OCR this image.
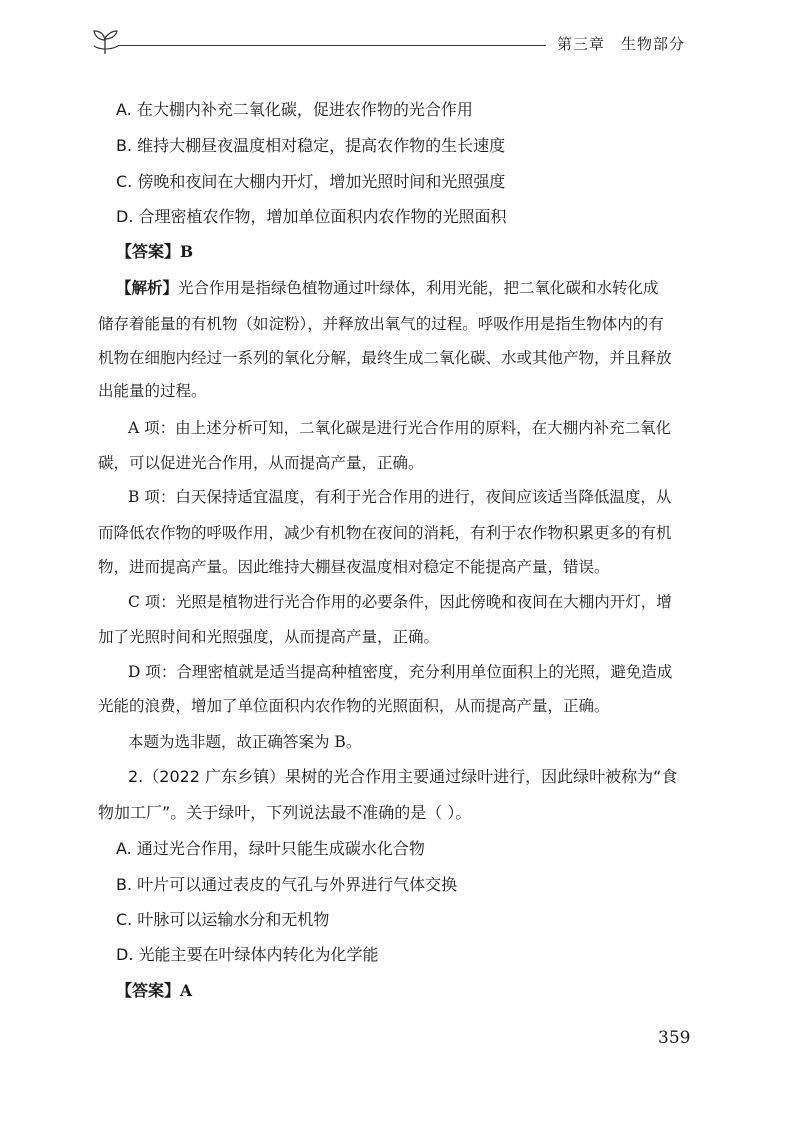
第三章 生物部分
A. 在大棚内补充二氧化碳，促进农作物的光合作用
B. 维持大棚昼夜温度相对稳定，提高农作物的生长速度
C. 傍晚和夜间在大棚内开灯，增加光照时间和光照强度
D. 合理密植农作物，增加单位面积内农作物的光照面积
【答案】B
【解析】光合作用是指绿色植物通过叶绿体，利用光能，把二氧化碳和水转化成
储存着能量的有机物（如淀粉），并释放出氧气的过程。呼吸作用是指生物体内的有
机物在细胞内经过一系列的氧化分解，最终生成二氧化碳、水或其他产物，并且释放
出能量的过程。
A 项：由上述分析可知，二氧化碳是进行光合作用的原料，在大棚内补充二氧化
碳，可以促进光合作用，从而提高产量，正确。
B 项：白天保持适宜温度，有利于光合作用的进行，夜间应该适当降低温度，从
而降低农作物的呼吸作用，减少有机物在夜间的消耗，有利于农作物积累更多的有机
物，进而提高产量。因此维持大棚昼夜温度相对稳定不能提高产量，错误。
C 项：光照是植物进行光合作用的必要条件，因此傍晚和夜间在大棚内开灯，增
加了光照时间和光照强度，从而提高产量，正确。
D 项：合理密植就是适当提高种植密度，充分利用单位面积上的光照，避免造成
光能的浪费，增加了单位面积内农作物的光照面积，从而提高产量，正确。
本题为选非题，故正确答案为 B。
2.（2022 广东乡镇）果树的光合作用主要通过绿叶进行，因此绿叶被称为“食
物加工厂”。关于绿叶，下列说法最不准确的是（ ）。
A. 通过光合作用，绿叶只能生成碳水化合物
B. 叶片可以通过表皮的气孔与外界进行气体交换
C. 叶脉可以运输水分和无机物
D. 光能主要在叶绿体内转化为化学能
【答案】A
359
